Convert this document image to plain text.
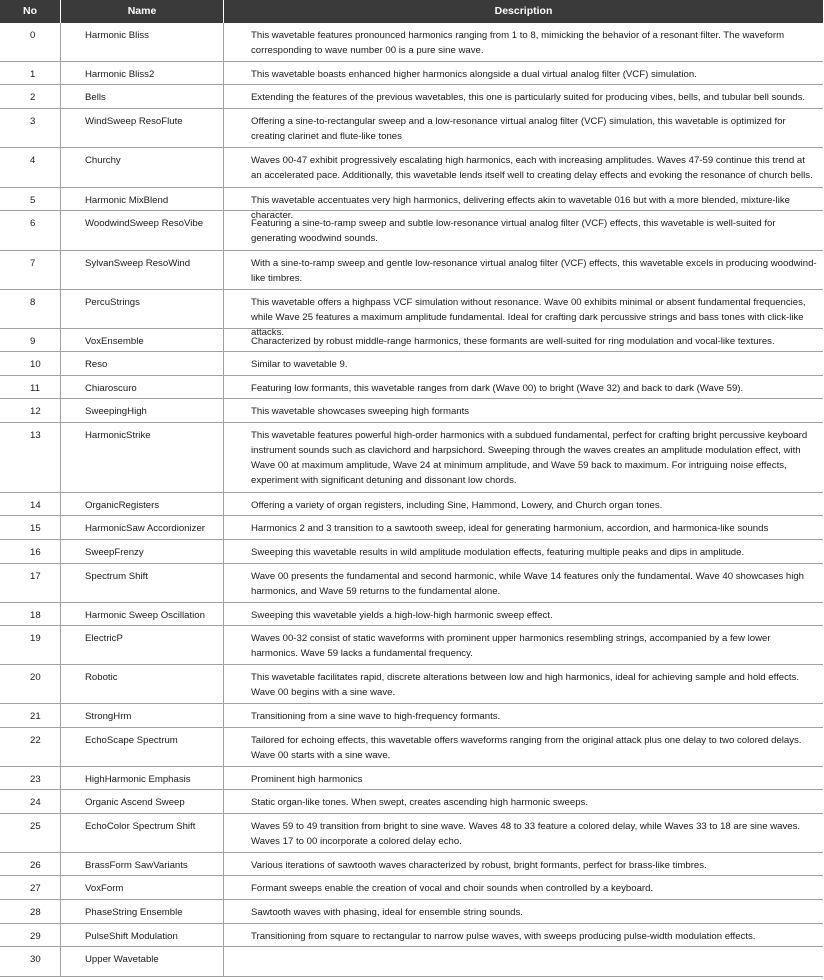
No	Name	Description
0	Harmonic Bliss	This wavetable features pronounced harmonics ranging from 1 to 8, mimicking the behavior of a resonant filter. The waveform corresponding to wave number 00 is a pure sine wave.
1	Harmonic Bliss2	This wavetable boasts enhanced higher harmonics alongside a dual virtual analog filter (VCF) simulation.
2	Bells	Extending the features of the previous wavetables, this one is particularly suited for producing vibes, bells, and tubular bell sounds.
3	WindSweep ResoFlute	Offering a sine-to-rectangular sweep and a low-resonance virtual analog filter (VCF) simulation, this wavetable is optimized for creating clarinet and flute-like tones
4	Churchy	Waves 00-47 exhibit progressively escalating high harmonics, each with increasing amplitudes. Waves 47-59 continue this trend at an accelerated pace. Additionally, this wavetable lends itself well to creating delay effects and evoking the resonance of church bells.
5	Harmonic MixBlend	This wavetable accentuates very high harmonics, delivering effects akin to wavetable 016 but with a more blended, mixture-like character.
6	WoodwindSweep ResoVibe	Featuring a sine-to-ramp sweep and subtle low-resonance virtual analog filter (VCF) effects, this wavetable is well-suited for generating woodwind sounds.
7	SylvanSweep ResoWind	With a sine-to-ramp sweep and gentle low-resonance virtual analog filter (VCF) effects, this wavetable excels in producing woodwind-like timbres.
8	PercuStrings	This wavetable offers a highpass VCF simulation without resonance. Wave 00 exhibits minimal or absent fundamental frequencies, while Wave 25 features a maximum amplitude fundamental. Ideal for crafting dark percussive strings and bass tones with click-like attacks.
9	VoxEnsemble	Characterized by robust middle-range harmonics, these formants are well-suited for ring modulation and vocal-like textures.
10	Reso	Similar to wavetable 9.
11	Chiaroscuro	Featuring low formants, this wavetable ranges from dark (Wave 00) to bright (Wave 32) and back to dark (Wave 59).
12	SweepingHigh	This wavetable showcases sweeping high formants
13	HarmonicStrike	This wavetable features powerful high-order harmonics with a subdued fundamental, perfect for crafting bright percussive keyboard instrument sounds such as clavichord and harpsichord. Sweeping through the waves creates an amplitude modulation effect, with Wave 00 at maximum amplitude, Wave 24 at minimum amplitude, and Wave 59 back to maximum. For intriguing noise effects, experiment with significant detuning and dissonant low chords.
14	OrganicRegisters	Offering a variety of organ registers, including Sine, Hammond, Lowery, and Church organ tones.
15	HarmonicSaw Accordionizer	Harmonics 2 and 3 transition to a sawtooth sweep, ideal for generating harmonium, accordion, and harmonica-like sounds
16	SweepFrenzy	Sweeping this wavetable results in wild amplitude modulation effects, featuring multiple peaks and dips in amplitude.
17	Spectrum Shift	Wave 00 presents the fundamental and second harmonic, while Wave 14 features only the fundamental. Wave 40 showcases high harmonics, and Wave 59 returns to the fundamental alone.
18	Harmonic Sweep Oscillation	Sweeping this wavetable yields a high-low-high harmonic sweep effect.
19	ElectricP	Waves 00-32 consist of static waveforms with prominent upper harmonics resembling strings, accompanied by a few lower harmonics. Wave 59 lacks a fundamental frequency.
20	Robotic	This wavetable facilitates rapid, discrete alterations between low and high harmonics, ideal for achieving sample and hold effects. Wave 00 begins with a sine wave.
21	StrongHrm	Transitioning from a sine wave to high-frequency formants.
22	EchoScape Spectrum	Tailored for echoing effects, this wavetable offers waveforms ranging from the original attack plus one delay to two colored delays. Wave 00 starts with a sine wave.
23	HighHarmonic Emphasis	Prominent high harmonics
24	Organic Ascend Sweep	Static organ-like tones. When swept, creates ascending high harmonic sweeps.
25	EchoColor Spectrum Shift	Waves 59 to 49 transition from bright to sine wave. Waves 48 to 33 feature a colored delay, while Waves 33 to 18 are sine waves. Waves 17 to 00 incorporate a colored delay echo.
26	BrassForm SawVariants	Various iterations of sawtooth waves characterized by robust, bright formants, perfect for brass-like timbres.
27	VoxForm	Formant sweeps enable the creation of vocal and choir sounds when controlled by a keyboard.
28	PhaseString Ensemble	Sawtooth waves with phasing, ideal for ensemble string sounds.
29	PulseShift Modulation	Transitioning from square to rectangular to narrow pulse waves, with sweeps producing pulse-width modulation effects.
30	Upper Wavetable
